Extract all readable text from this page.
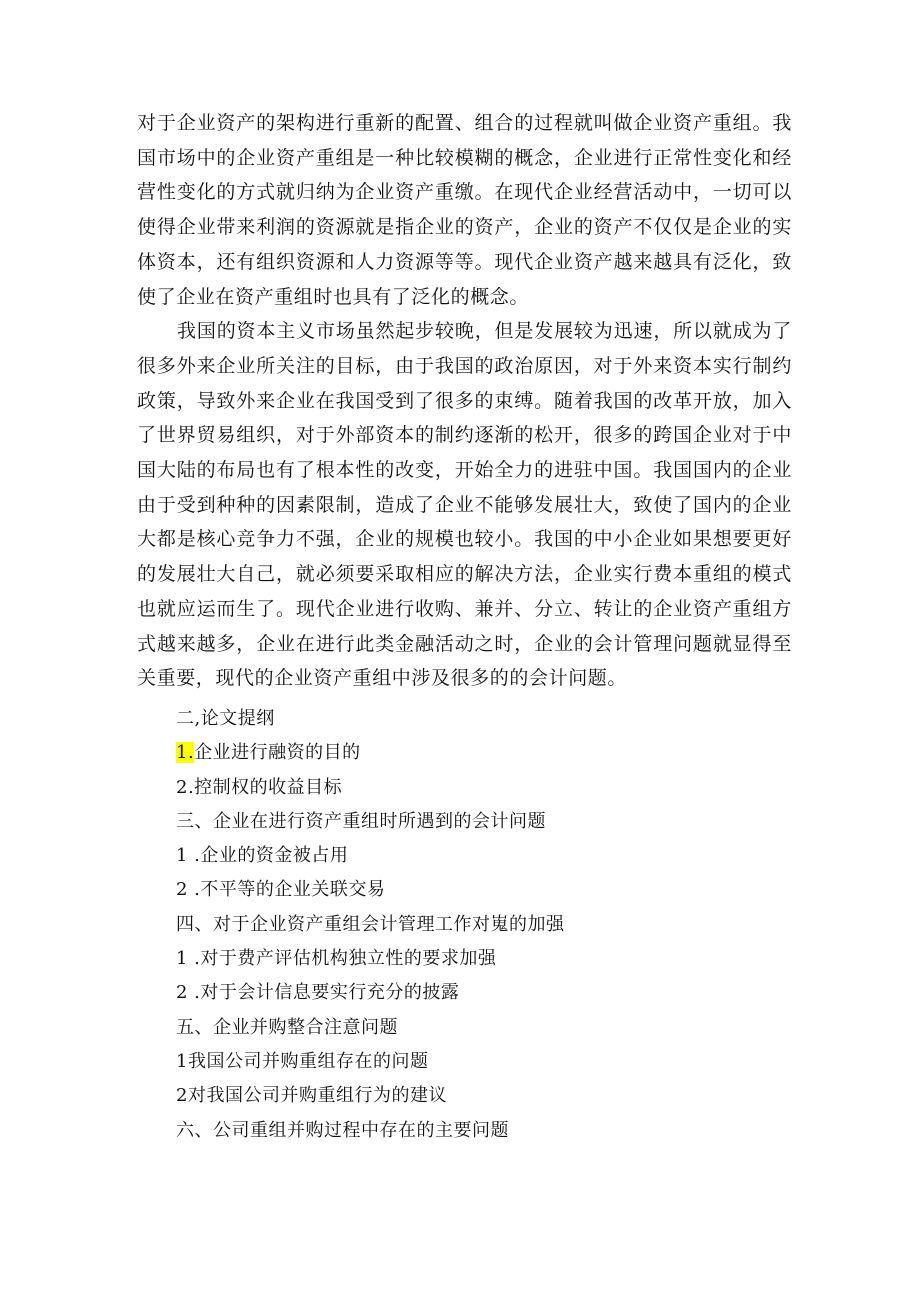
对于企业资产的架构进行重新的配置、组合的过程就叫做企业资产重组。我国市场中的企业资产重组是一种比较模糊的概念，企业进行正常性变化和经营性变化的方式就归纳为企业资产重缴。在现代企业经营活动中，一切可以使得企业带来利润的资源就是指企业的资产，企业的资产不仅仅是企业的实体资本，还有组织资源和人力资源等等。现代企业资产越来越具有泛化，致使了企业在资产重组时也具有了泛化的概念。

我国的资本主义市场虽然起步较晚，但是发展较为迅速，所以就成为了很多外来企业所关注的目标，由于我国的政治原因，对于外来资本实行制约政策，导致外来企业在我国受到了很多的束缚。随着我国的改革开放，加入了世界贸易组织，对于外部资本的制约逐渐的松开，很多的跨国企业对于中国大陆的布局也有了根本性的改变，开始全力的进驻中国。我国国内的企业由于受到种种的因素限制，造成了企业不能够发展壮大，致使了国内的企业大都是核心竞争力不强，企业的规模也较小。我国的中小企业如果想要更好的发展壮大自己，就必须要采取相应的解决方法，企业实行费本重组的模式也就应运而生了。现代企业进行收购、兼并、分立、转让的企业资产重组方式越来越多，企业在进行此类金融活动之时，企业的会计管理问题就显得至关重要，现代的企业资产重组中涉及很多的的会计问题。

二,论文提纲
1.企业进行融资的目的
2.控制权的收益目标
三、企业在进行资产重组时所遇到的会计问题
1 .企业的资金被占用
2 .不平等的企业关联交易
四、对于企业资产重组会计管理工作对嵬的加强
1 .对于费产评估机构独立性的要求加强
2 .对于会计信息要实行充分的披露
五、企业并购整合注意问题
1我国公司并购重组存在的问题
2对我国公司并购重组行为的建议
六、公司重组并购过程中存在的主要问题
